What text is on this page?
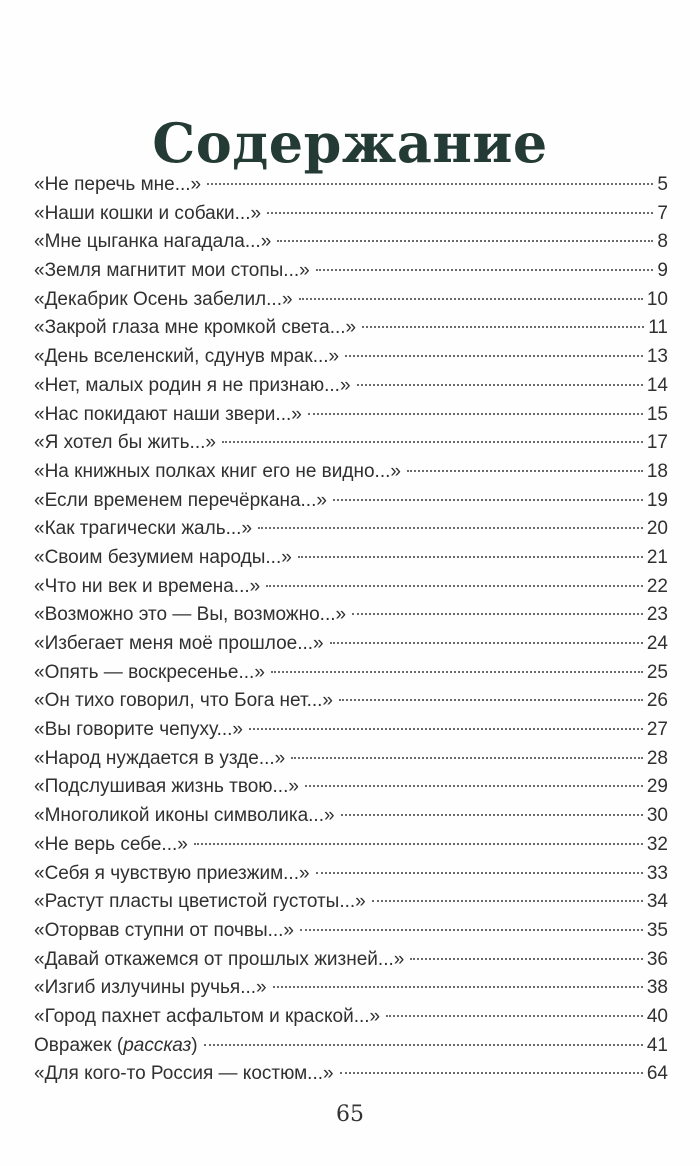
Содержание
«Не перечь мне...»	5
«Наши кошки и собаки...»	7
«Мне цыганка нагадала...»	8
«Земля магнитит мои стопы...»	9
«Декабрик Осень забелил...»	10
«Закрой глаза мне кромкой света...»	11
«День вселенский, сдунув мрак...»	13
«Нет, малых родин я не признаю...»	14
«Нас покидают наши звери...»	15
«Я хотел бы жить...»	17
«На книжных полках книг его не видно...»	18
«Если временем перечёркана...»	19
«Как трагически жаль...»	20
«Своим безумием народы...»	21
«Что ни век и времена...»	22
«Возможно это — Вы, возможно...»	23
«Избегает меня моё прошлое...»	24
«Опять — воскресенье...»	25
«Он тихо говорил, что Бога нет...»	26
«Вы говорите чепуху...»	27
«Народ нуждается в узде...»	28
«Подслушивая жизнь твою...»	29
«Многоликой иконы символика...»	30
«Не верь себе...»	32
«Себя я чувствую приезжим...»	33
«Растут пласты цветистой густоты...»	34
«Оторвав ступни от почвы...»	35
«Давай откажемся от прошлых жизней...»	36
«Изгиб излучины ручья...»	38
«Город пахнет асфальтом и краской...»	40
Овражек (рассказ)	41
«Для кого-то Россия — костюм...»	64
65
